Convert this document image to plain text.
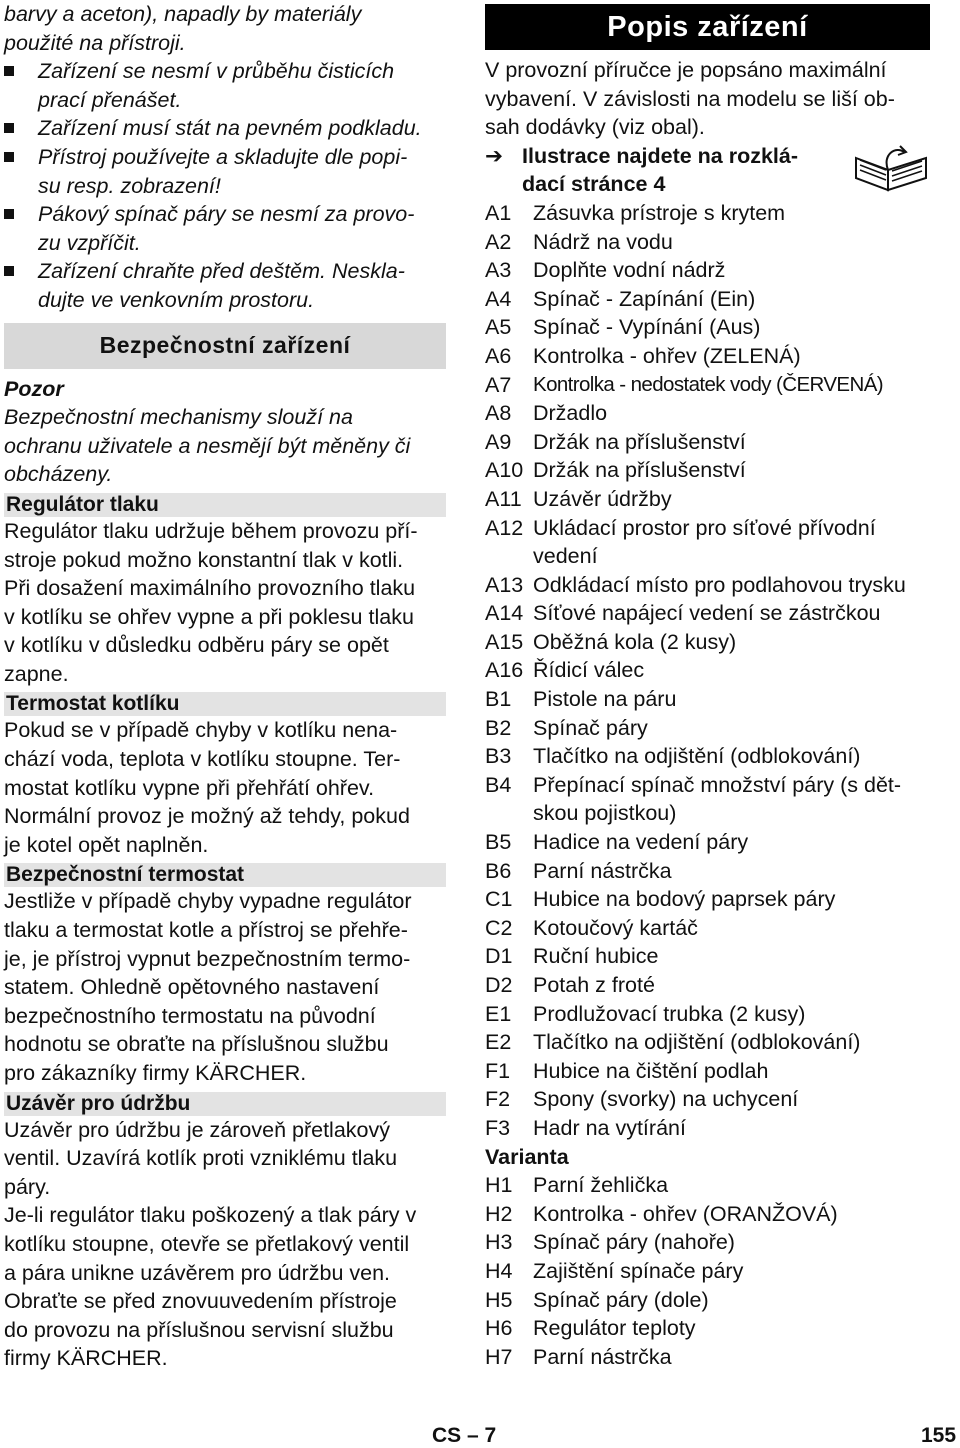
barvy a aceton), napadly by materiály

použité na přístroji.

Zařízení se nesmí v průběhu čisticích

prací přenášet.

Zařízení musí stát na pevném podkladu.

Přístroj používejte a skladujte dle popi-

su resp. zobrazení!

Pákový spínač páry se nesmí za provo-

zu vzpříčit.

Zařízení chraňte před deštěm. Neskla-

dujte ve venkovním prostoru.

Bezpečnostní zařízení

Pozor

Bezpečnostní mechanismy slouží na

ochranu uživatele a nesmějí být měněny či

obcházeny.

Regulátor tlaku

Regulátor tlaku udržuje během provozu pří-

stroje pokud možno konstantní tlak v kotli.

Při dosažení maximálního provozního tlaku

v kotlíku se ohřev vypne a při poklesu tlaku

v kotlíku v důsledku odběru páry se opět

zapne.

Termostat kotlíku

Pokud se v případě chyby v kotlíku nena-

chází voda, teplota v kotlíku stoupne. Ter-

mostat kotlíku vypne při přehřátí ohřev.

Normální provoz je možný až tehdy, pokud

je kotel opět naplněn.

Bezpečnostní termostat

Jestliže v případě chyby vypadne regulátor

tlaku a termostat kotle a přístroj se přehře-

je, je přístroj vypnut bezpečnostním termo-

statem. Ohledně opětovného nastavení

bezpečnostního termostatu na původní

hodnotu se obraťte na příslušnou službu

pro zákazníky firmy KÄRCHER.

Uzávěr pro údržbu

Uzávěr pro údržbu je zároveň přetlakový

ventil. Uzavírá kotlík proti vzniklému tlaku

páry.

Je-li regulátor tlaku poškozený a tlak páry v

kotlíku stoupne, otevře se přetlakový ventil

a pára unikne uzávěrem pro údržbu ven.

Obraťte se před znovuuvedením přístroje

do provozu na příslušnou servisní službu

firmy KÄRCHER.

Popis zařízení

V provozní příručce je popsáno maximální

vybavení. V závislosti na modelu se liší ob-

sah dodávky (viz obal).

➔ Ilustrace najdete na rozklá-
dací stránce 4
A1	Zásuvka prístroje s krytem
A2	Nádrž na vodu
A3	Doplňte vodní nádrž
A4	Spínač - Zapínání (Ein)
A5	Spínač - Vypínání (Aus)
A6	Kontrolka - ohřev (ZELENÁ)
A7	Kontrolka - nedostatek vody (ČERVENÁ)
A8	Držadlo
A9	Držák na příslušenství
A10 Držák na příslušenství
A11 Uzávěr údržby
A12 Ukládací prostor pro síťové přívodní
vedení
A13 Odkládací místo pro podlahovou trysku
A14 Síťové napájecí vedení se zástrčkou
A15 Oběžná kola (2 kusy)
A16 Řídicí válec
B1	Pistole na páru
B2	Spínač páry
B3	Tlačítko na odjištění (odblokování)
B4	Přepínací spínač množství páry (s dět-
skou pojistkou)
B5	Hadice na vedení páry
B6	Parní nástrčka
C1 Hubice na bodový paprsek páry
C2 Kotoučový kartáč
D1 Ruční hubice
D2 Potah z froté
E1	Prodlužovací trubka (2 kusy)
E2	Tlačítko na odjištění (odblokování)
F1	Hubice na čištění podlah
F2	Spony (svorky) na uchycení
F3	Hadr na vytírání

Varianta

H1 Parní žehlička
H2 Kontrolka - ohřev (ORANŽOVÁ)
H3 Spínač páry (nahoře)
H4 Zajištění spínače páry
H5 Spínač páry (dole)
H6 Regulátor teploty
H7 Parní nástrčka
CS – 7	155
